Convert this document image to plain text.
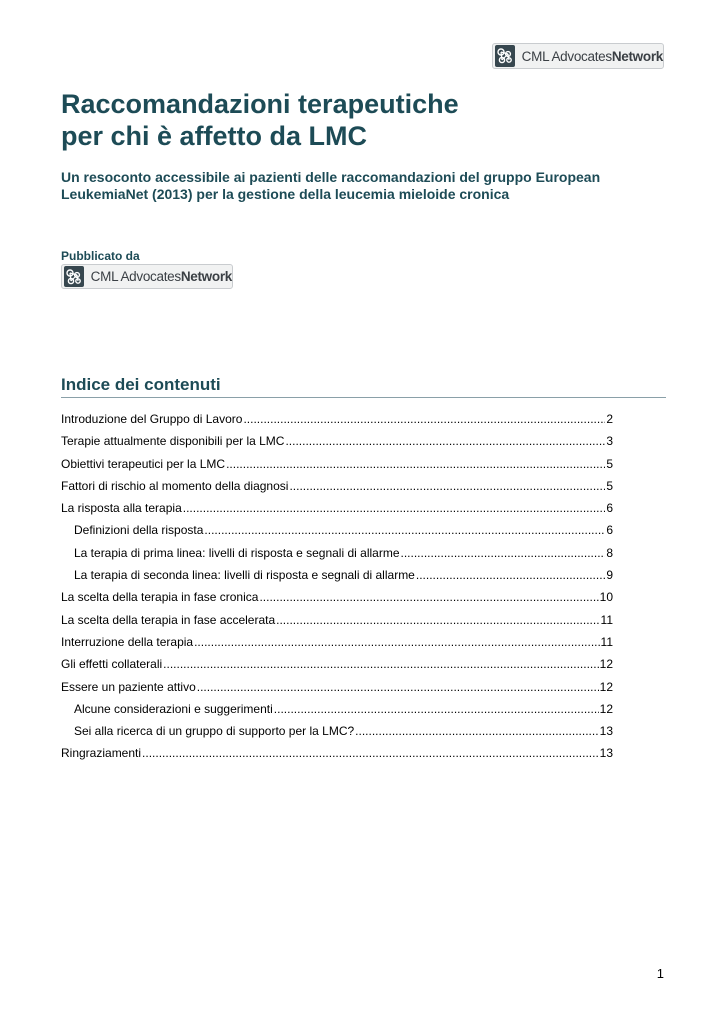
CML AdvocatesNetwork
Raccomandazioni terapeutiche
per chi è affetto da LMC

Un resoconto accessibile ai pazienti delle raccomandazioni del gruppo European LeukemiaNet (2013) per la gestione della leucemia mieloide cronica

Pubblicato da
CML AdvocatesNetwork
Indice dei contenuti
Introduzione del Gruppo di Lavoro .....	2
Terapie attualmente disponibili per la LMC .....	3
Obiettivi terapeutici per la LMC .....	5
Fattori di rischio al momento della diagnosi .....	5
La risposta alla terapia .....	6
Definizioni della risposta .....	6
La terapia di prima linea: livelli di risposta e segnali di allarme .....	8
La terapia di seconda linea: livelli di risposta e segnali di allarme .....	9
La scelta della terapia in fase cronica .....	10
La scelta della terapia in fase accelerata .....	11
Interruzione della terapia .....	11
Gli effetti collaterali .....	12
Essere un paziente attivo .....	12
Alcune considerazioni e suggerimenti .....	12
Sei alla ricerca di un gruppo di supporto per la LMC? .....	13
Ringraziamenti .....	13
1
